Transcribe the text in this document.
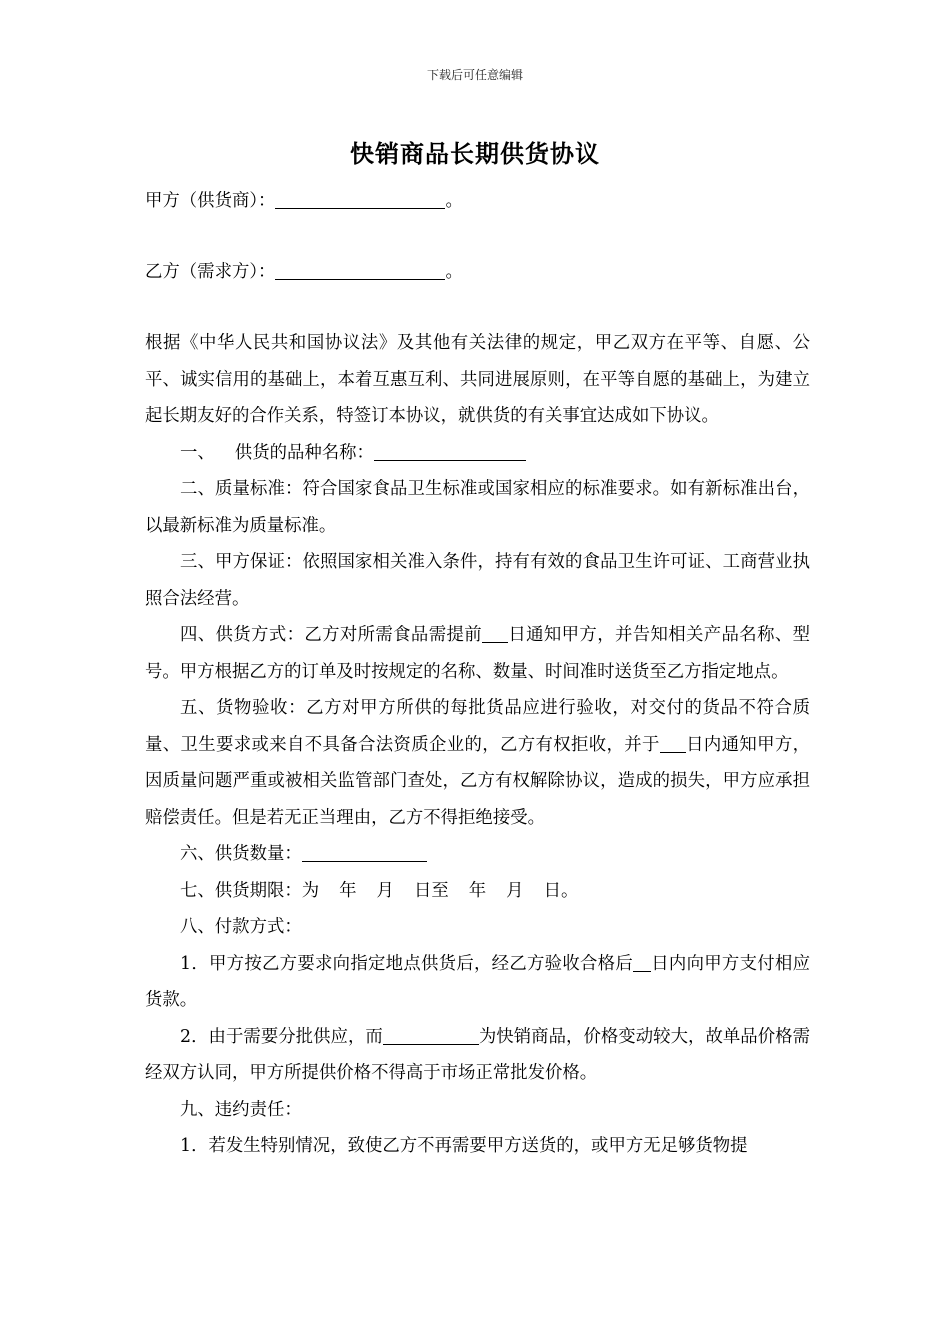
下载后可任意编辑
快销商品长期供货协议
甲方（供货商）：	。
乙方（需求方）：	。
根据《中华人民共和国协议法》及其他有关法律的规定，甲乙双方在平等、自愿、公平、诚实信用的基础上，本着互惠互利、共同进展原则，在平等自愿的基础上，为建立起长期友好的合作关系，特签订本协议，就供货的有关事宜达成如下协议。
一、 供货的品种名称：
二、质量标准：符合国家食品卫生标准或国家相应的标准要求。如有新标准出台，以最新标准为质量标准。
三、甲方保证：依照国家相关准入条件，持有有效的食品卫生许可证、工商营业执照合法经营。
四、供货方式：乙方对所需食品需提前 日通知甲方，并告知相关产品名称、型号。甲方根据乙方的订单及时按规定的名称、数量、时间准时送货至乙方指定地点。
五、货物验收：乙方对甲方所供的每批货品应进行验收，对交付的货品不符合质量、卫生要求或来自不具备合法资质企业的，乙方有权拒收，并于 日内通知甲方，因质量问题严重或被相关监管部门查处，乙方有权解除协议，造成的损失，甲方应承担赔偿责任。但是若无正当理由，乙方不得拒绝接受。
六、供货数量：
七、供货期限：为 年 月 日至 年 月 日。
八、付款方式：
1．甲方按乙方要求向指定地点供货后，经乙方验收合格后 日内向甲方支付相应货款。
2．由于需要分批供应，而	为快销商品，价格变动较大，故单品价格需经双方认同，甲方所提供价格不得高于市场正常批发价格。
九、违约责任：
1．若发生特别情况，致使乙方不再需要甲方送货的，或甲方无足够货物提
